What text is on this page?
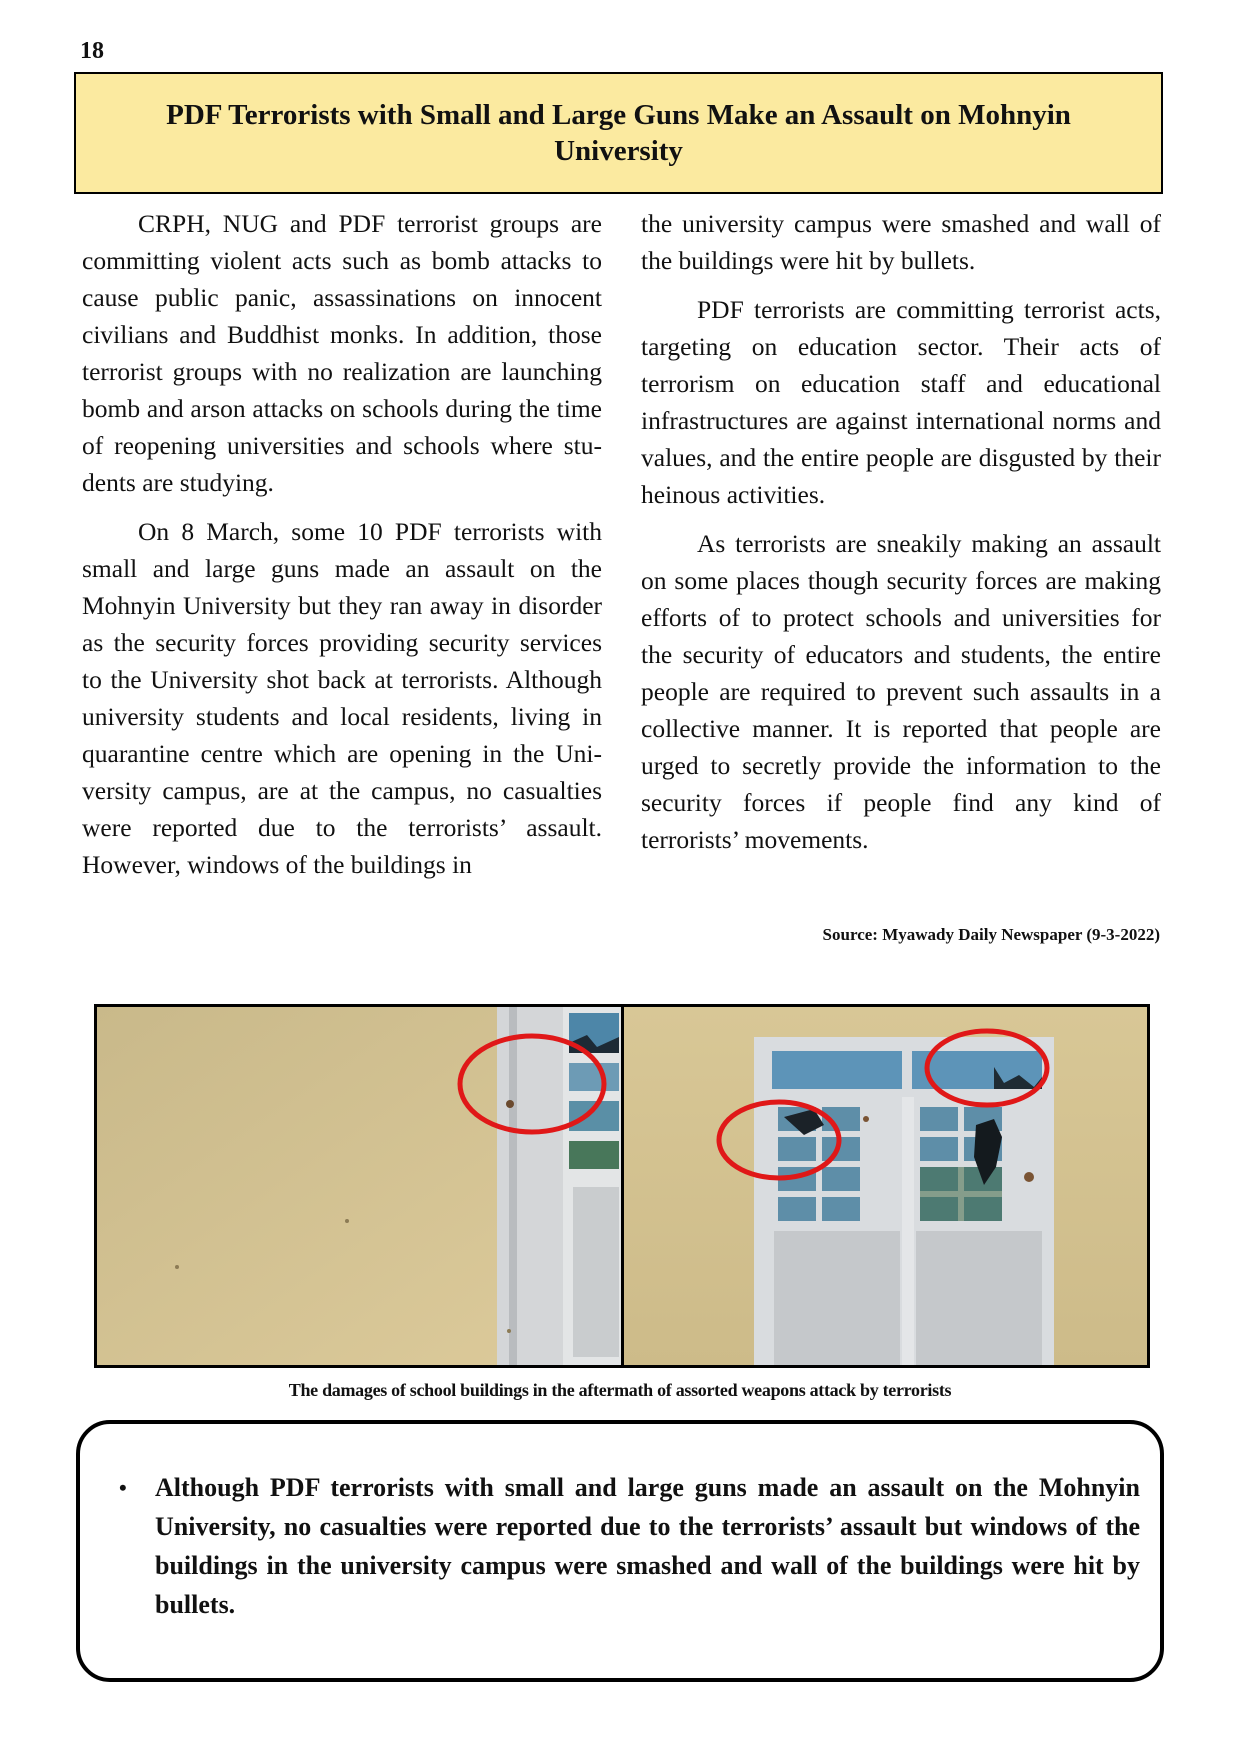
18
PDF Terrorists with Small and Large Guns Make an Assault on Mohnyin University

CRPH, NUG and PDF terrorist groups are committing violent acts such as bomb attacks to cause public panic, assassinations on innocent civilians and Buddhist monks. In addition, those terrorist groups with no realization are launching bomb and arson attacks on schools during the time of reopening universities and schools where students are studying.

On 8 March, some 10 PDF terrorists with small and large guns made an assault on the Mohnyin University but they ran away in disorder as the security forces providing security services to the University shot back at terrorists. Although university students and local residents, living in quarantine centre which are opening in the University campus, are at the campus, no casualties were reported due to the terrorists’ assault. However, windows of the buildings in

the university campus were smashed and wall of the buildings were hit by bullets.

PDF terrorists are committing terrorist acts, targeting on education sector. Their acts of terrorism on education staff and educational infrastructures are against international norms and values, and the entire people are disgusted by their heinous activities.

As terrorists are sneakily making an assault on some places though security forces are making efforts of to protect schools and universities for the security of educators and students, the entire people are required to prevent such assaults in a collective manner. It is reported that people are urged to secretly provide the information to the security forces if people find any kind of terrorists’ movements.

Source: Myawady Daily Newspaper (9-3-2022)
The damages of school buildings in the aftermath of assorted weapons attack by terrorists
• Although PDF terrorists with small and large guns made an assault on the Mohnyin University, no casualties were reported due to the terrorists’ assault but windows of the buildings in the university campus were smashed and wall of the buildings were hit by bullets.
